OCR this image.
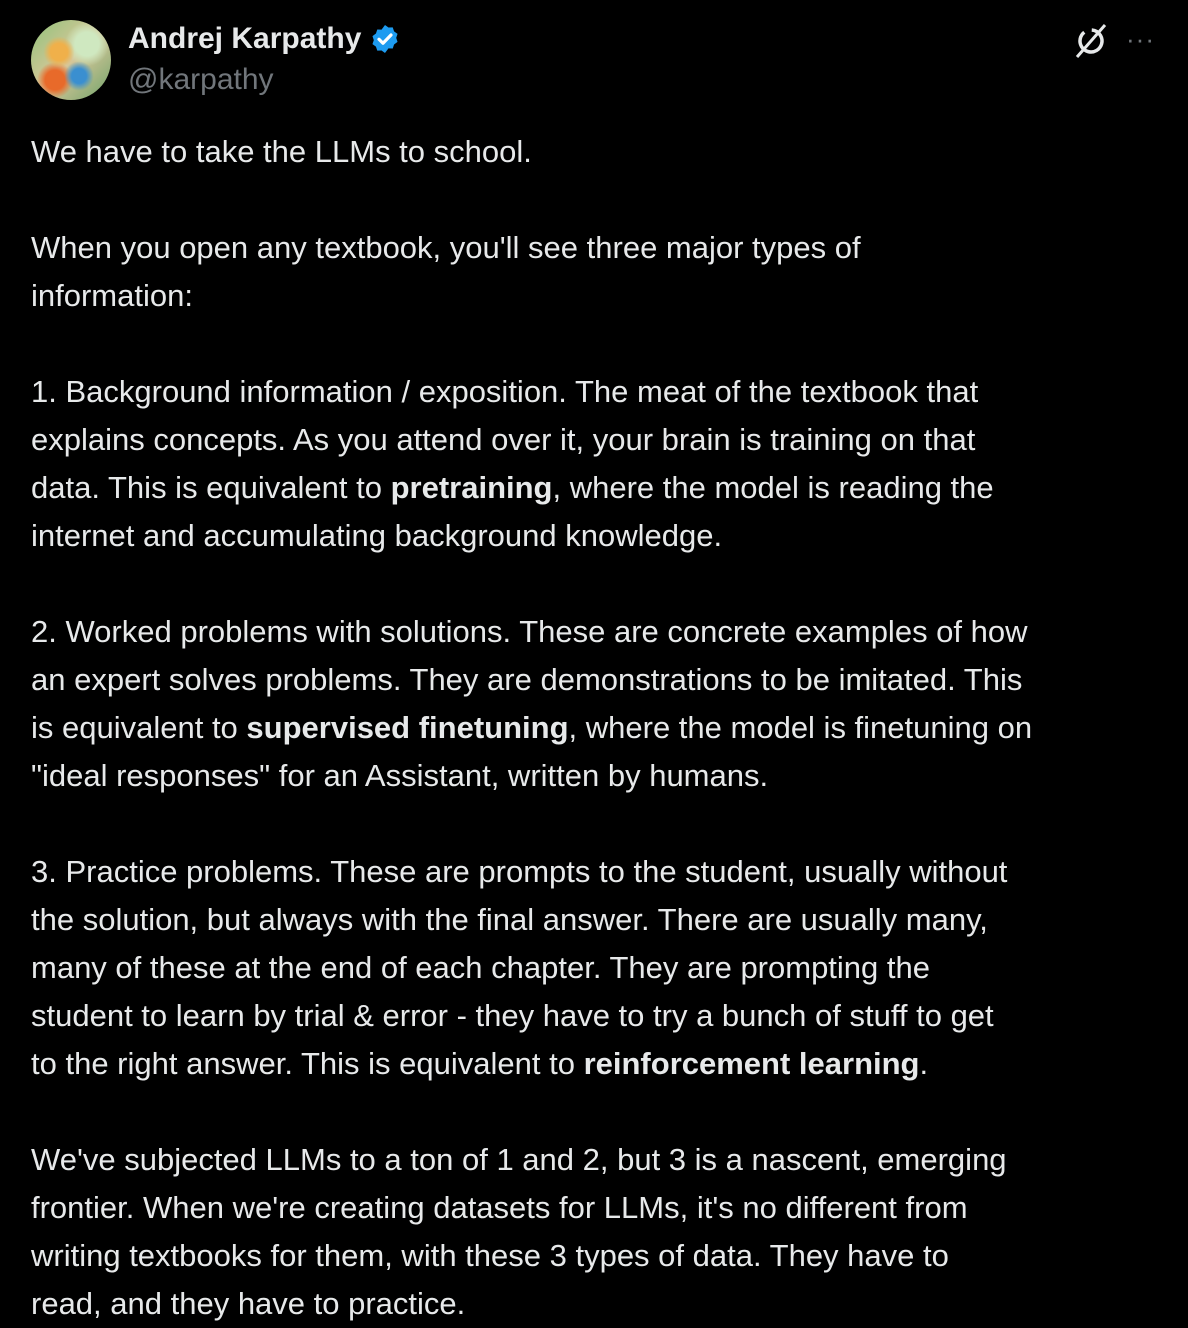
Andrej Karpathy
@karpathy
···
We have to take the LLMs to school.
When you open any textbook, you'll see three major types of
information:
1. Background information / exposition. The meat of the textbook that
explains concepts. As you attend over it, your brain is training on that
data. This is equivalent to pretraining, where the model is reading the
internet and accumulating background knowledge.
2. Worked problems with solutions. These are concrete examples of how
an expert solves problems. They are demonstrations to be imitated. This
is equivalent to supervised finetuning, where the model is finetuning on
"ideal responses" for an Assistant, written by humans.
3. Practice problems. These are prompts to the student, usually without
the solution, but always with the final answer. There are usually many,
many of these at the end of each chapter. They are prompting the
student to learn by trial & error - they have to try a bunch of stuff to get
to the right answer. This is equivalent to reinforcement learning.
We've subjected LLMs to a ton of 1 and 2, but 3 is a nascent, emerging
frontier. When we're creating datasets for LLMs, it's no different from
writing textbooks for them, with these 3 types of data. They have to
read, and they have to practice.
